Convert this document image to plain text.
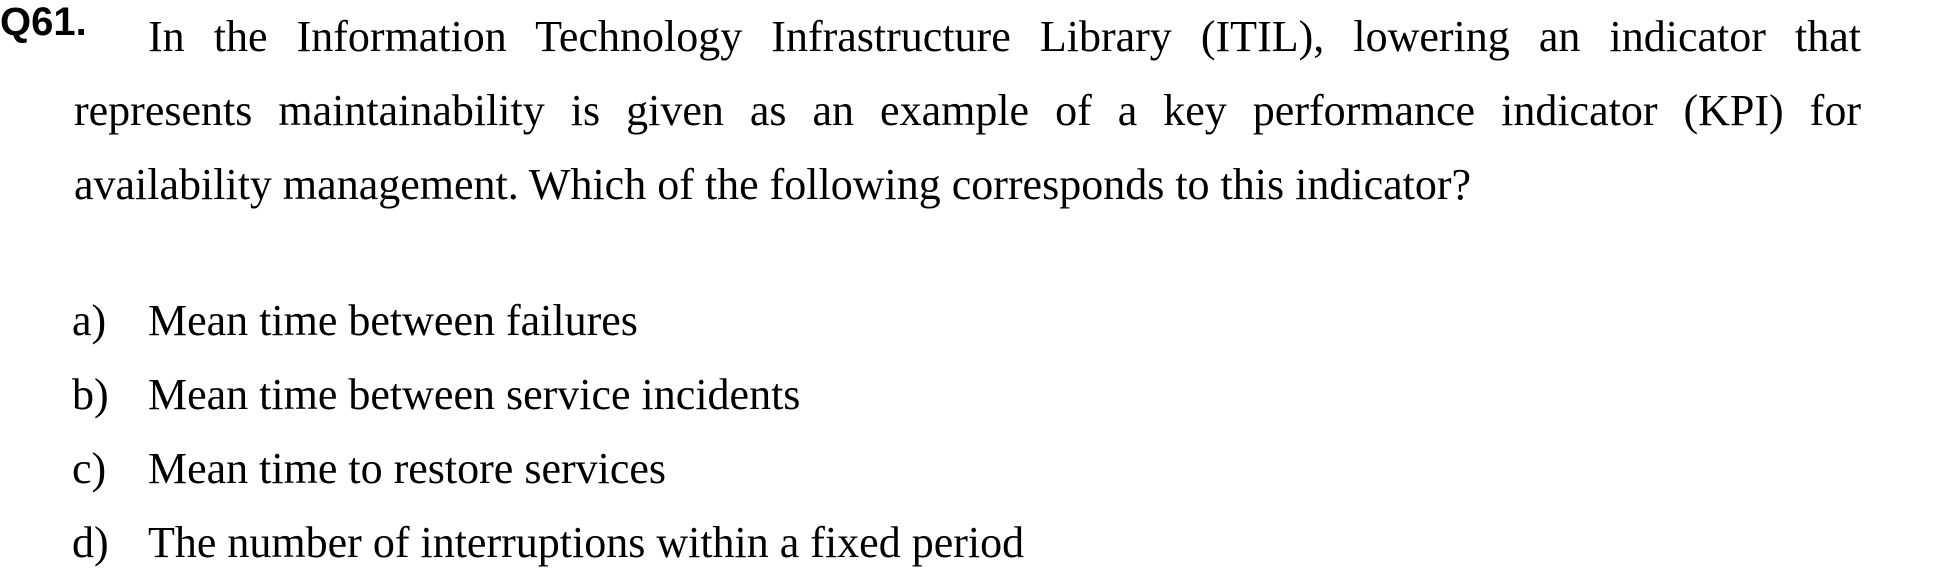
Q61.	In the Information Technology Infrastructure Library (ITIL), lowering an indicator that represents maintainability is given as an example of a key performance indicator (KPI) for availability management. Which of the following corresponds to this indicator?
a) Mean time between failures
b) Mean time between service incidents
c) Mean time to restore services
d) The number of interruptions within a fixed period
